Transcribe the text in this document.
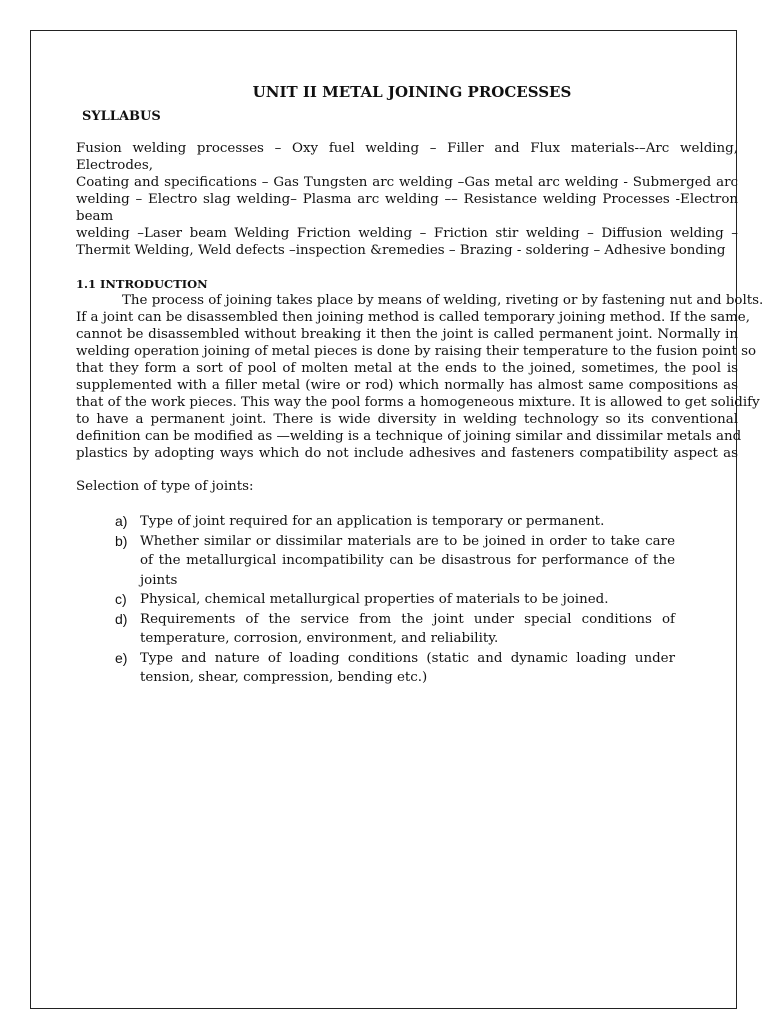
UNIT II METAL JOINING PROCESSES
SYLLABUS
Fusion welding processes – Oxy fuel welding – Filler and Flux materials-–Arc welding, Electrodes,
Coating and specifications – Gas Tungsten arc welding –Gas metal arc welding - Submerged arc
welding – Electro slag welding– Plasma arc welding –– Resistance welding Processes -Electron
beam
welding –Laser beam Welding Friction welding – Friction stir welding – Diffusion welding –
Thermit Welding, Weld defects –inspection &remedies – Brazing - soldering – Adhesive bonding
1.1 INTRODUCTION
The process of joining takes place by means of welding, riveting or by fastening nut and bolts.
If a joint can be disassembled then joining method is called temporary joining method. If the same,
cannot be disassembled without breaking it then the joint is called permanent joint. Normally in
welding operation joining of metal pieces is done by raising their temperature to the fusion point so
that they form a sort of pool of molten metal at the ends to the joined, sometimes, the pool is
supplemented with a filler metal (wire or rod) which normally has almost same compositions as
that of the work pieces. This way the pool forms a homogeneous mixture. It is allowed to get solidify
to have a permanent joint. There is wide diversity in welding technology so its conventional
definition can be modified as —welding is a technique of joining similar and dissimilar metals and
plastics by adopting ways which do not include adhesives and fasteners compatibility aspect as
Selection of type of joints:
a) Type of joint required for an application is temporary or permanent.
b) Whether similar or dissimilar materials are to be joined in order to take care of the metallurgical incompatibility can be disastrous for performance of the joints
c) Physical, chemical metallurgical properties of materials to be joined.
d) Requirements of the service from the joint under special conditions of temperature, corrosion, environment, and reliability.
e) Type and nature of loading conditions (static and dynamic loading under tension, shear, compression, bending etc.)
